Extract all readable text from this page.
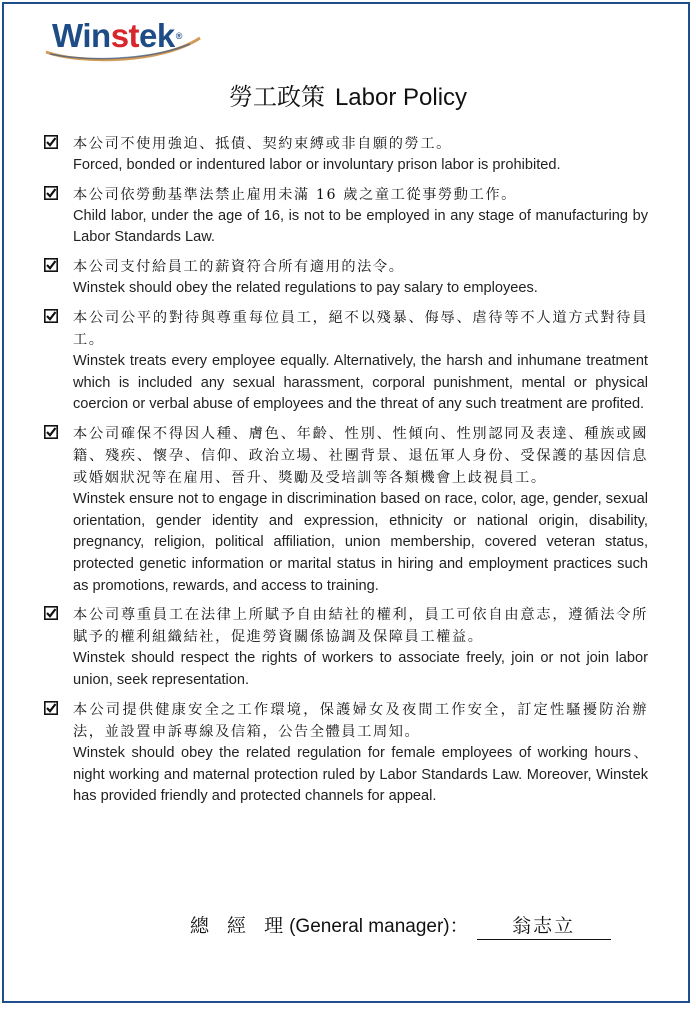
Winstek®
勞工政策 Labor Policy
本公司不使用強迫、抵債、契約束縛或非自願的勞工。
Forced, bonded or indentured labor or involuntary prison labor is prohibited.
本公司依勞動基準法禁止雇用未滿 16 歲之童工從事勞動工作。
Child labor, under the age of 16, is not to be employed in any stage of manufacturing by Labor Standards Law.
本公司支付給員工的薪資符合所有適用的法令。
Winstek should obey the related regulations to pay salary to employees.
本公司公平的對待與尊重每位員工，絕不以殘暴、侮辱、虐待等不人道方式對待員工。
Winstek treats every employee equally. Alternatively, the harsh and inhumane treatment which is included any sexual harassment, corporal punishment, mental or physical coercion or verbal abuse of employees and the threat of any such treatment are profited.
本公司確保不得因人種、膚色、年齡、性別、性傾向、性別認同及表達、種族或國籍、殘疾、懷孕、信仰、政治立場、社團背景、退伍軍人身份、受保護的基因信息或婚姻狀況等在雇用、晉升、獎勵及受培訓等各類機會上歧視員工。
Winstek ensure not to engage in discrimination based on race, color, age, gender, sexual orientation, gender identity and expression, ethnicity or national origin, disability, pregnancy, religion, political affiliation, union membership, covered veteran status, protected genetic information or marital status in hiring and employment practices such as promotions, rewards, and access to training.
本公司尊重員工在法律上所賦予自由結社的權利，員工可依自由意志，遵循法令所賦予的權利組織結社，促進勞資關係協調及保障員工權益。
Winstek should respect the rights of workers to associate freely, join or not join labor union, seek representation.
本公司提供健康安全之工作環境，保護婦女及夜間工作安全，訂定性騷擾防治辦法，並設置申訴專線及信箱，公告全體員工周知。
Winstek should obey the related regulation for female employees of working hours、night working and maternal protection ruled by Labor Standards Law. Moreover, Winstek has provided friendly and protected channels for appeal.
總 經 理(General manager)： 翁志立
